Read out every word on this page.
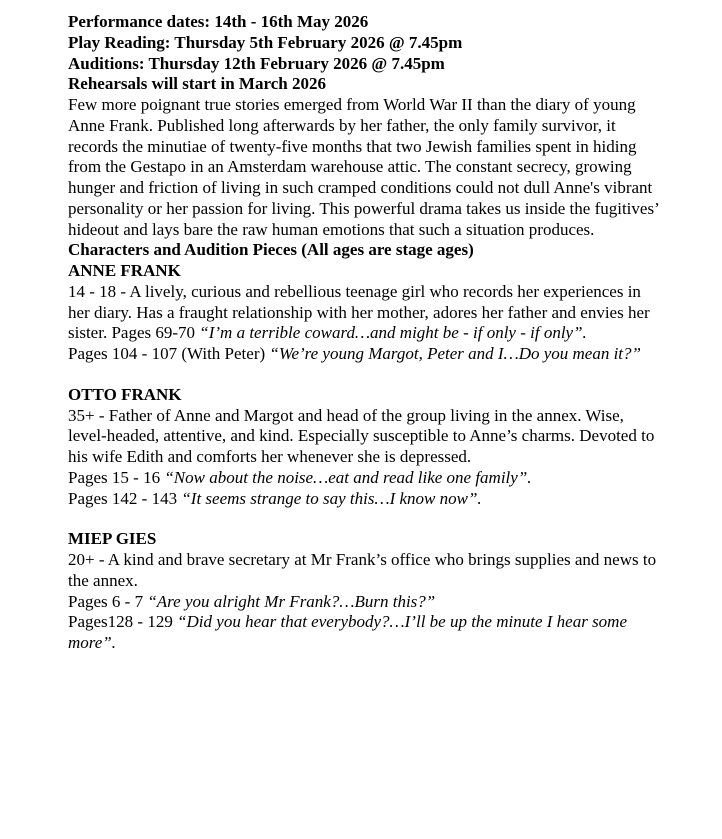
Performance dates: 14th - 16th May 2026

Play Reading: Thursday 5th February 2026 @ 7.45pm

Auditions: Thursday 12th February 2026 @ 7.45pm

Rehearsals will start in March 2026

Few more poignant true stories emerged from World War II than the diary of young Anne Frank. Published long afterwards by her father, the only family survivor, it records the minutiae of twenty-five months that two Jewish families spent in hiding from the Gestapo in an Amsterdam warehouse attic. The constant secrecy, growing hunger and friction of living in such cramped conditions could not dull Anne's vibrant personality or her passion for living. This powerful drama takes us inside the fugitives’ hideout and lays bare the raw human emotions that such a situation produces.

Characters and Audition Pieces (All ages are stage ages)

ANNE FRANK

14 - 18 - A lively, curious and rebellious teenage girl who records her experiences in her diary. Has a fraught relationship with her mother, adores her father and envies her sister. Pages 69-70 “I’m a terrible coward…and might be - if only - if only”.

Pages 104 - 107 (With Peter) “We’re young Margot, Peter and I…Do you mean it?”

OTTO FRANK

35+ - Father of Anne and Margot and head of the group living in the annex. Wise, level-headed, attentive, and kind. Especially susceptible to Anne’s charms. Devoted to his wife Edith and comforts her whenever she is depressed.

Pages 15 - 16 “Now about the noise…eat and read like one family”.

Pages 142 - 143 “It seems strange to say this…I know now”.

MIEP GIES

20+ - A kind and brave secretary at Mr Frank’s office who brings supplies and news to the annex.

Pages 6 - 7 “Are you alright Mr Frank?…Burn this?”

Pages128 - 129 “Did you hear that everybody?…I’ll be up the minute I hear some more”.
